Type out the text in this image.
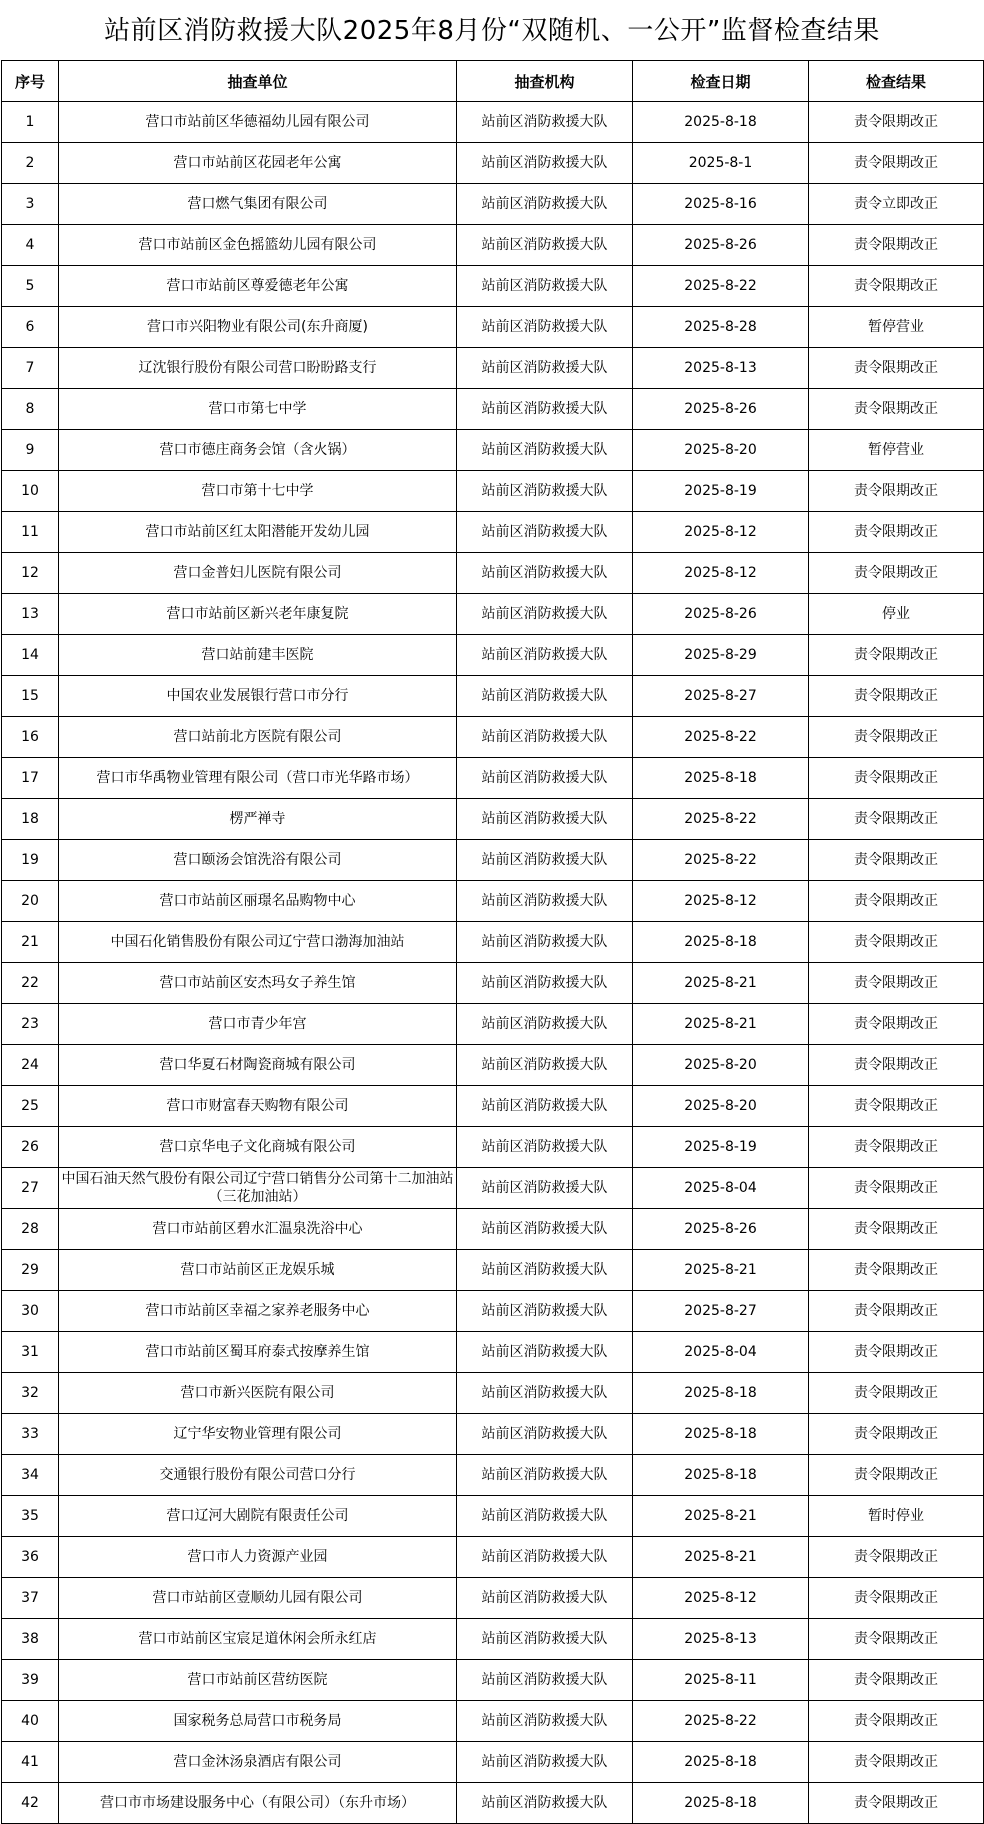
站前区消防救援大队2025年8月份“双随机、一公开”监督检查结果
序号	抽查单位	抽查机构	检查日期	检查结果
1	营口市站前区华德福幼儿园有限公司	站前区消防救援大队	2025-8-18	责令限期改正
2	营口市站前区花园老年公寓	站前区消防救援大队	2025-8-1	责令限期改正
3	营口燃气集团有限公司	站前区消防救援大队	2025-8-16	责令立即改正
4	营口市站前区金色摇篮幼儿园有限公司	站前区消防救援大队	2025-8-26	责令限期改正
5	营口市站前区尊爱德老年公寓	站前区消防救援大队	2025-8-22	责令限期改正
6	营口市兴阳物业有限公司(东升商厦)	站前区消防救援大队	2025-8-28	暂停营业
7	辽沈银行股份有限公司营口盼盼路支行	站前区消防救援大队	2025-8-13	责令限期改正
8	营口市第七中学	站前区消防救援大队	2025-8-26	责令限期改正
9	营口市德庄商务会馆（含火锅）	站前区消防救援大队	2025-8-20	暂停营业
10	营口市第十七中学	站前区消防救援大队	2025-8-19	责令限期改正
11	营口市站前区红太阳潜能开发幼儿园	站前区消防救援大队	2025-8-12	责令限期改正
12	营口金普妇儿医院有限公司	站前区消防救援大队	2025-8-12	责令限期改正
13	营口市站前区新兴老年康复院	站前区消防救援大队	2025-8-26	停业
14	营口站前建丰医院	站前区消防救援大队	2025-8-29	责令限期改正
15	中国农业发展银行营口市分行	站前区消防救援大队	2025-8-27	责令限期改正
16	营口站前北方医院有限公司	站前区消防救援大队	2025-8-22	责令限期改正
17	营口市华禹物业管理有限公司（营口市光华路市场）	站前区消防救援大队	2025-8-18	责令限期改正
18	楞严禅寺	站前区消防救援大队	2025-8-22	责令限期改正
19	营口颐汤会馆洗浴有限公司	站前区消防救援大队	2025-8-22	责令限期改正
20	营口市站前区丽璟名品购物中心	站前区消防救援大队	2025-8-12	责令限期改正
21	中国石化销售股份有限公司辽宁营口渤海加油站	站前区消防救援大队	2025-8-18	责令限期改正
22	营口市站前区安杰玛女子养生馆	站前区消防救援大队	2025-8-21	责令限期改正
23	营口市青少年宫	站前区消防救援大队	2025-8-21	责令限期改正
24	营口华夏石材陶瓷商城有限公司	站前区消防救援大队	2025-8-20	责令限期改正
25	营口市财富春天购物有限公司	站前区消防救援大队	2025-8-20	责令限期改正
26	营口京华电子文化商城有限公司	站前区消防救援大队	2025-8-19	责令限期改正
27	中国石油天然气股份有限公司辽宁营口销售分公司第十二加油站（三花加油站）	站前区消防救援大队	2025-8-04	责令限期改正
28	营口市站前区碧水汇温泉洗浴中心	站前区消防救援大队	2025-8-26	责令限期改正
29	营口市站前区正龙娱乐城	站前区消防救援大队	2025-8-21	责令限期改正
30	营口市站前区幸福之家养老服务中心	站前区消防救援大队	2025-8-27	责令限期改正
31	营口市站前区蜀耳府泰式按摩养生馆	站前区消防救援大队	2025-8-04	责令限期改正
32	营口市新兴医院有限公司	站前区消防救援大队	2025-8-18	责令限期改正
33	辽宁华安物业管理有限公司	站前区消防救援大队	2025-8-18	责令限期改正
34	交通银行股份有限公司营口分行	站前区消防救援大队	2025-8-18	责令限期改正
35	营口辽河大剧院有限责任公司	站前区消防救援大队	2025-8-21	暂时停业
36	营口市人力资源产业园	站前区消防救援大队	2025-8-21	责令限期改正
37	营口市站前区壹顺幼儿园有限公司	站前区消防救援大队	2025-8-12	责令限期改正
38	营口市站前区宝宸足道休闲会所永红店	站前区消防救援大队	2025-8-13	责令限期改正
39	营口市站前区营纺医院	站前区消防救援大队	2025-8-11	责令限期改正
40	国家税务总局营口市税务局	站前区消防救援大队	2025-8-22	责令限期改正
41	营口金沐汤泉酒店有限公司	站前区消防救援大队	2025-8-18	责令限期改正
42	营口市市场建设服务中心（有限公司）（东升市场）	站前区消防救援大队	2025-8-18	责令限期改正
